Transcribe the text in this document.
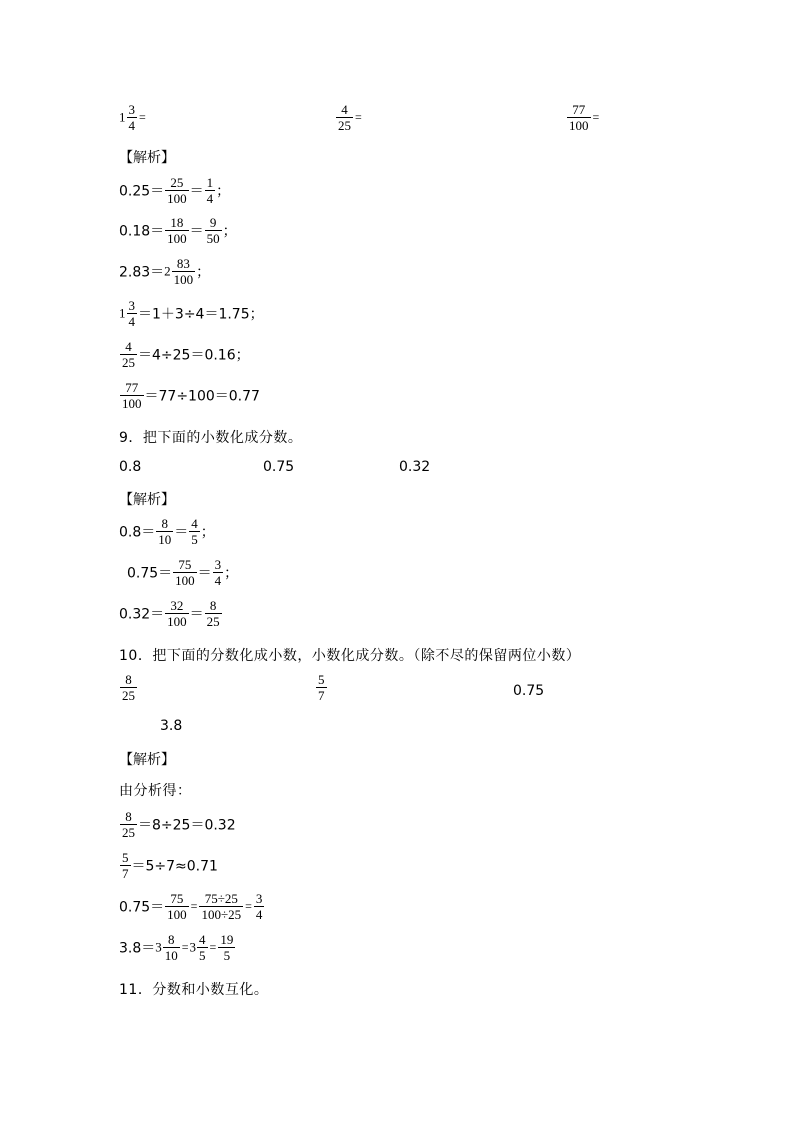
$1 \frac{3}{4}$ =	$\frac{4}{25}$ =	$\frac{77}{100}$ =
【解析】
$0.25= \frac{25}{100} = \frac{1}{4}$ ；
$0.18= \frac{18}{100} = \frac{9}{50}$ ；
$2.83=2 \frac{83}{100}$ ；
$1 \frac{3}{4} =1+3\div 4=1.75$；
$\frac{4}{25} =4\div 25=0.16$；
$\frac{77}{100} =77\div 100=0.77$
9．把下面的小数化成分数。
0.8	0.75	0.32
【解析】
$0.8= \frac{8}{10} = \frac{4}{5}$ ；
$0.75= \frac{75}{100} = \frac{3}{4}$ ；
$0.32= \frac{32}{100} = \frac{8}{25}$
10．把下面的分数化成小数，小数化成分数。（除不尽的保留两位小数）
$\frac{8}{25}$	$\frac{5}{7}$	0.75
3.8
【解析】
由分析得：
$\frac{8}{25} =8\div 25=0.32$
$\frac{5}{7} =5\div 7\approx 0.71$
$0.75= \frac{75}{100} = \frac{75\div 25}{100\div 25} = \frac{3}{4}$
$3.8=3 \frac{8}{10} =3 \frac{4}{5} = \frac{19}{5}$
11．分数和小数互化。
